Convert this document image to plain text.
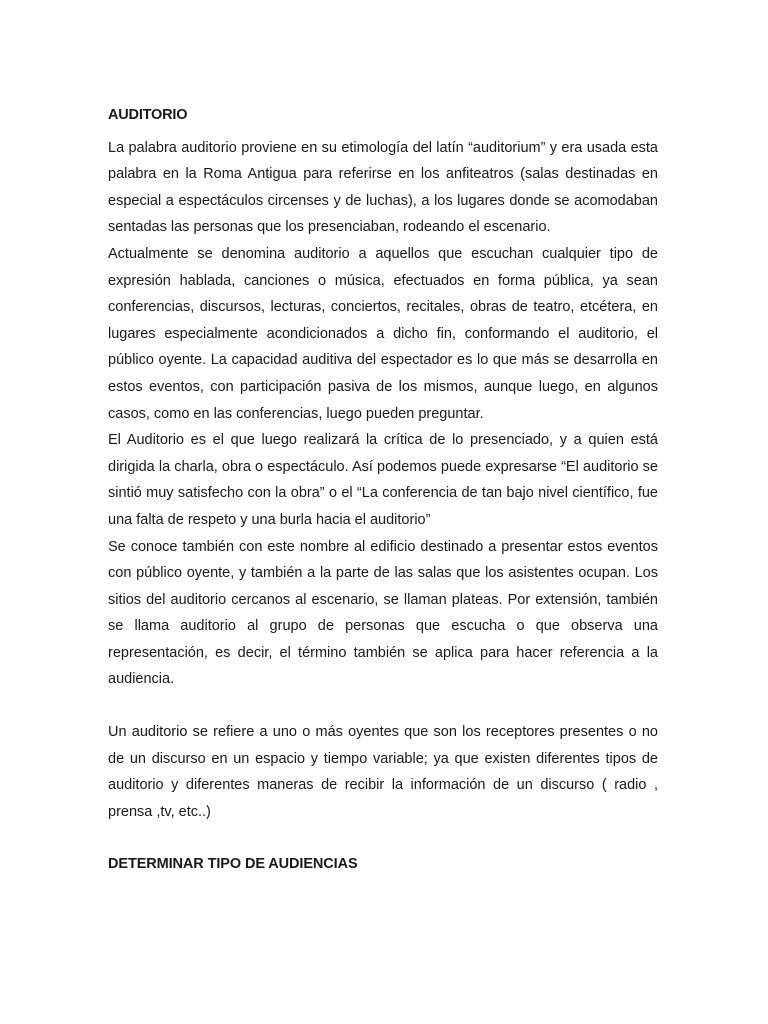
AUDITORIO

La palabra auditorio proviene en su etimología del latín “auditorium” y era usada esta palabra en la Roma Antigua para referirse en los anfiteatros (salas destinadas en especial a espectáculos circenses y de luchas), a los lugares donde se acomodaban sentadas las personas que los presenciaban, rodeando el escenario.

Actualmente se denomina auditorio a aquellos que escuchan cualquier tipo de expresión hablada, canciones o música, efectuados en forma pública, ya sean conferencias, discursos, lecturas, conciertos, recitales, obras de teatro, etcétera, en lugares especialmente acondicionados a dicho fin, conformando el auditorio, el público oyente. La capacidad auditiva del espectador es lo que más se desarrolla en estos eventos, con participación pasiva de los mismos, aunque luego, en algunos casos, como en las conferencias, luego pueden preguntar.

El Auditorio es el que luego realizará la crítica de lo presenciado, y a quien está dirigida la charla, obra o espectáculo. Así podemos puede expresarse “El auditorio se sintió muy satisfecho con la obra” o el “La conferencia de tan bajo nivel científico, fue una falta de respeto y una burla hacia el auditorio”

Se conoce también con este nombre al edificio destinado a presentar estos eventos con público oyente, y también a la parte de las salas que los asistentes ocupan. Los sitios del auditorio cercanos al escenario, se llaman plateas. Por extensión, también se llama auditorio al grupo de personas que escucha o que observa una representación, es decir, el término también se aplica para hacer referencia a la audiencia.

Un auditorio se refiere a uno o más oyentes que son los receptores presentes o no de un discurso en un espacio y tiempo variable; ya que existen diferentes tipos de auditorio y diferentes maneras de recibir la información de un discurso ( radio , prensa ,tv, etc..)

DETERMINAR TIPO DE AUDIENCIAS
